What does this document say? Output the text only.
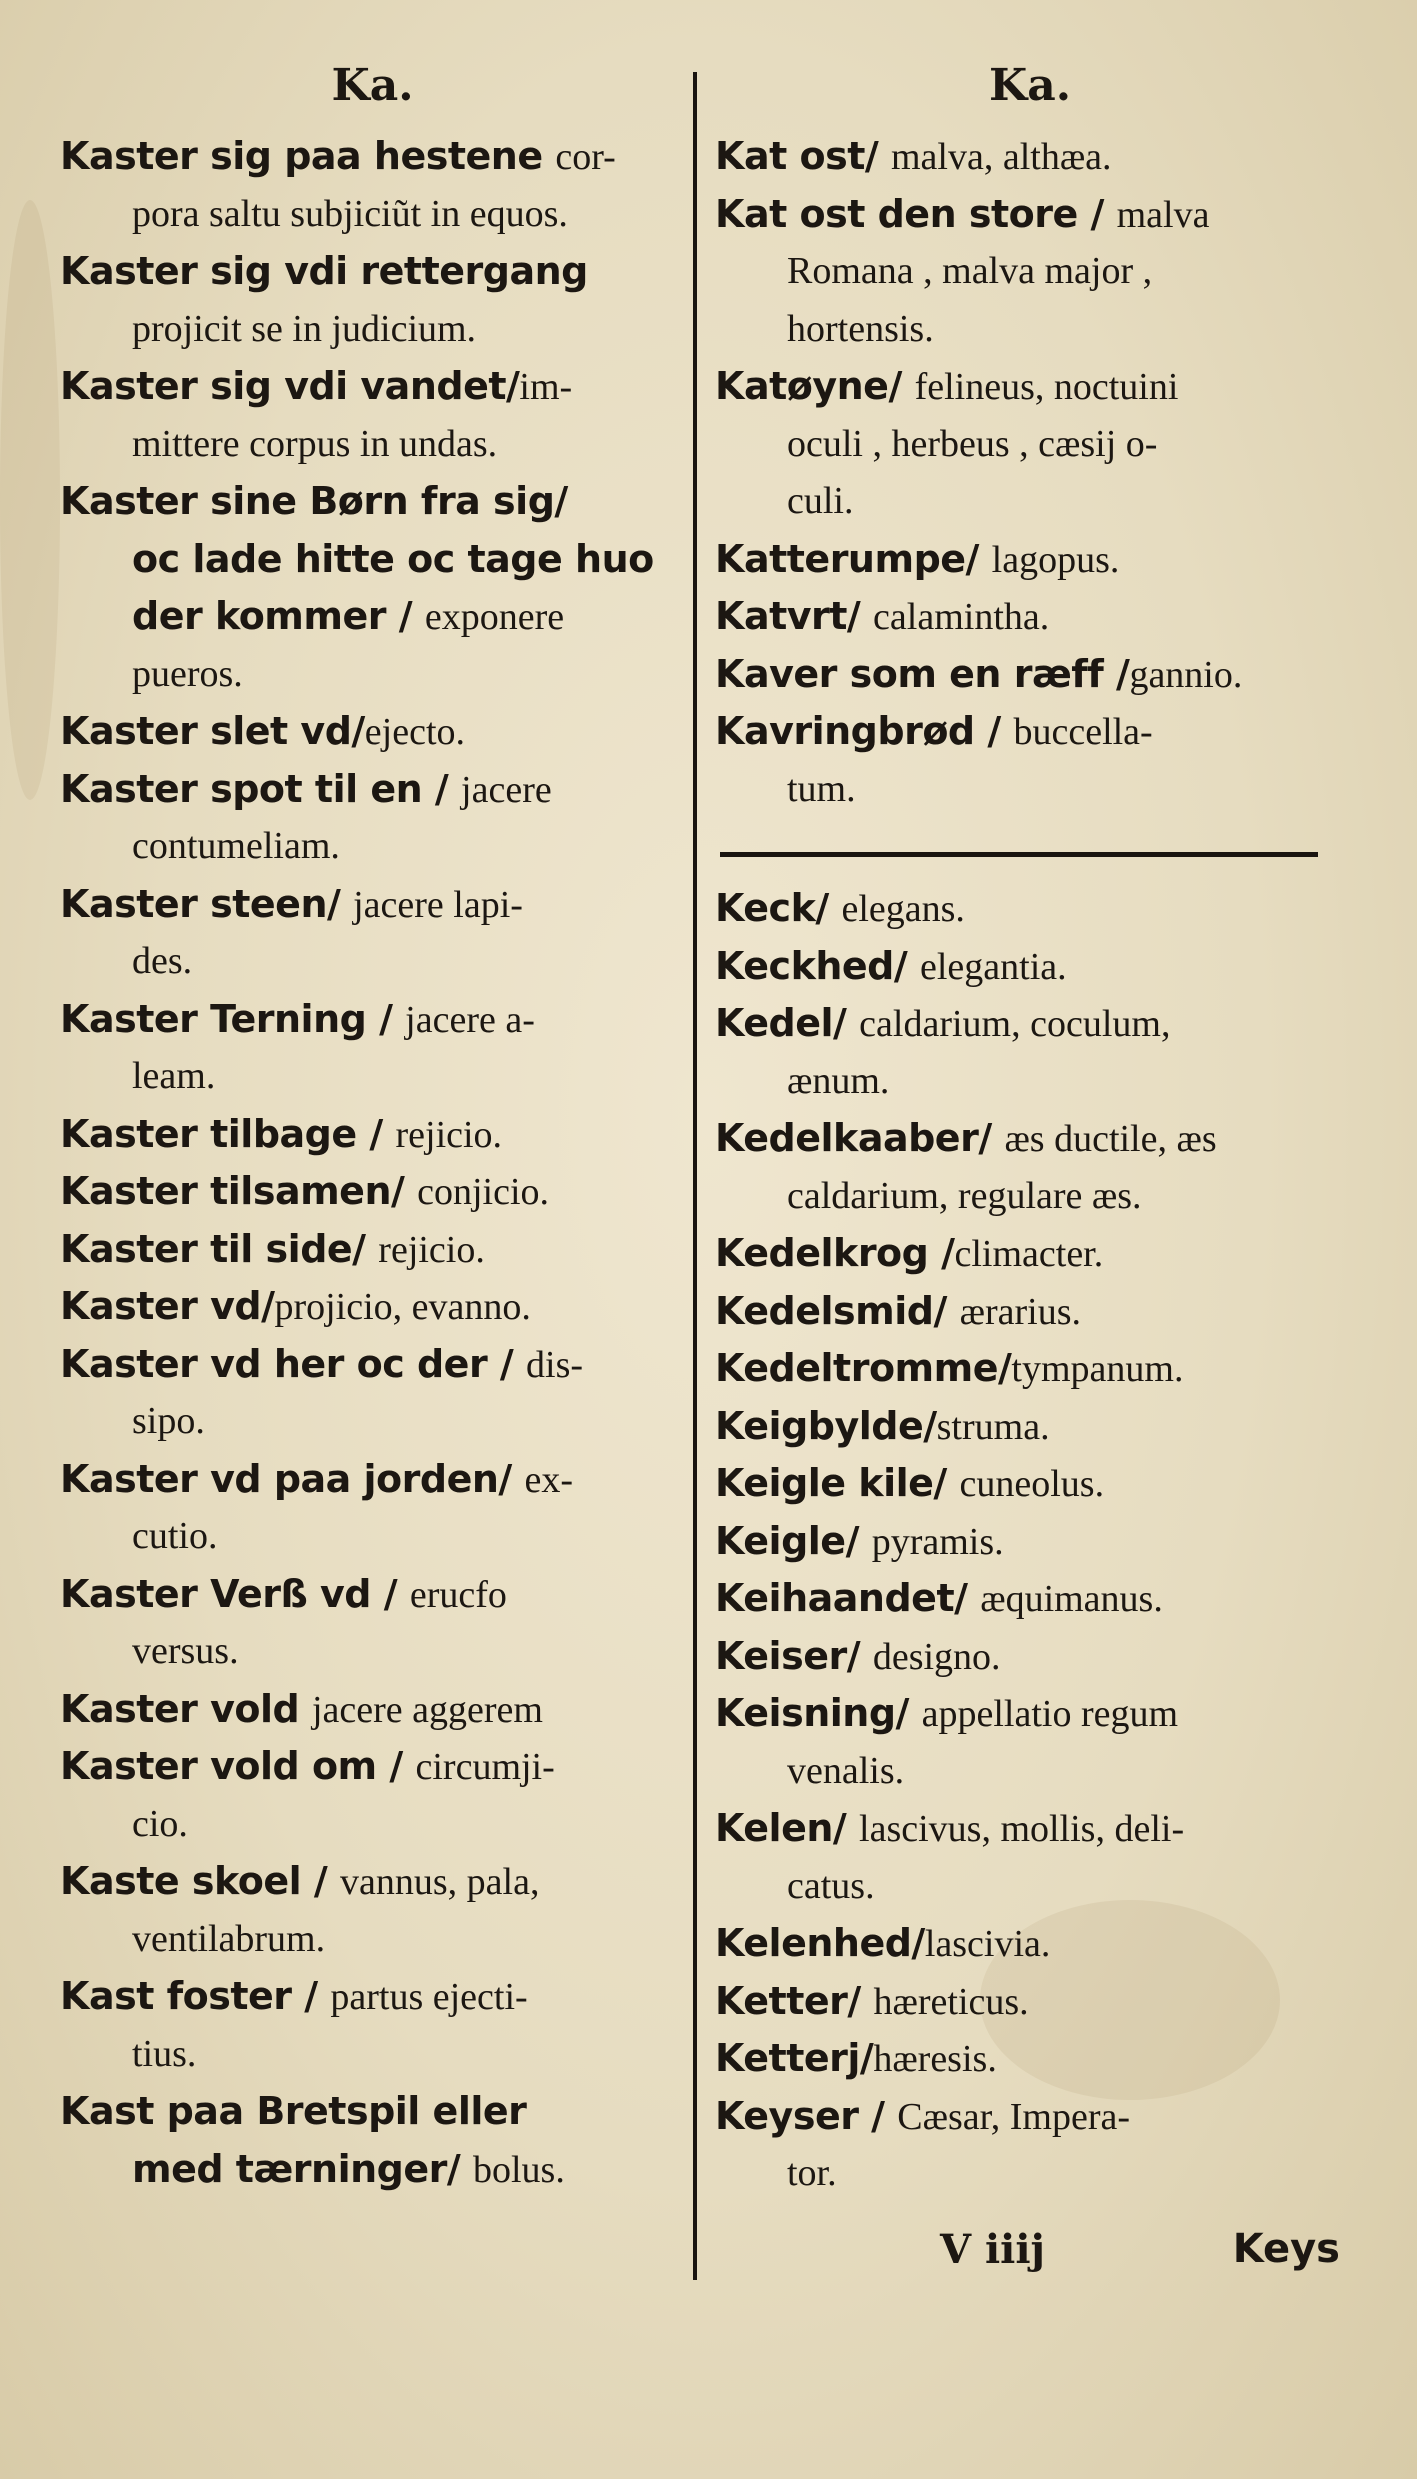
Ka.
Kaster sig paa hestene cor-
pora saltu subjiciũt in equos.
Kaster sig vdi rettergang
projicit se in judicium.
Kaster sig vdi vandet/im-
mittere corpus in undas.
Kaster sine Børn fra sig/
oc lade hitte oc tage huo
der kommer / exponere
pueros.
Kaster slet vd/ejecto.
Kaster spot til en / jacere
contumeliam.
Kaster steen/ jacere lapi-
des.
Kaster Terning / jacere a-
leam.
Kaster tilbage / rejicio.
Kaster tilsamen/ conjicio.
Kaster til side/ rejicio.
Kaster vd/projicio, evanno.
Kaster vd her oc der / dis-
sipo.
Kaster vd paa jorden/ ex-
cutio.
Kaster Verß vd / erucfo
versus.
Kaster vold jacere aggerem
Kaster vold om / circumji-
cio.
Kaste skoel / vannus, pala,
ventilabrum.
Kast foster / partus ejecti-
tius.
Kast paa Bretspil eller
med tærninger/ bolus.
Ka.
Kat ost/ malva, althæa.
Kat ost den store / malva
Romana , malva major ,
hortensis.
Katøyne/ felineus, noctuini
oculi , herbeus , cæsij o-
culi.
Katterumpe/ lagopus.
Katvrt/ calamintha.
Kaver som en ræff /gannio.
Kavringbrød / buccella-
tum.
Keck/ elegans.
Keckhed/ elegantia.
Kedel/ caldarium, coculum,
ænum.
Kedelkaaber/ æs ductile, æs
caldarium, regulare æs.
Kedelkrog /climacter.
Kedelsmid/ ærarius.
Kedeltromme/tympanum.
Keigbylde/struma.
Keigle kile/ cuneolus.
Keigle/ pyramis.
Keihaandet/ æquimanus.
Keiser/ designo.
Keisning/ appellatio regum
venalis.
Kelen/ lascivus, mollis, deli-
catus.
Kelenhed/lascivia.
Ketter/ hæreticus.
Ketterj/hæresis.
Keyser / Cæsar, Impera-
tor.
V iiij	Keys
